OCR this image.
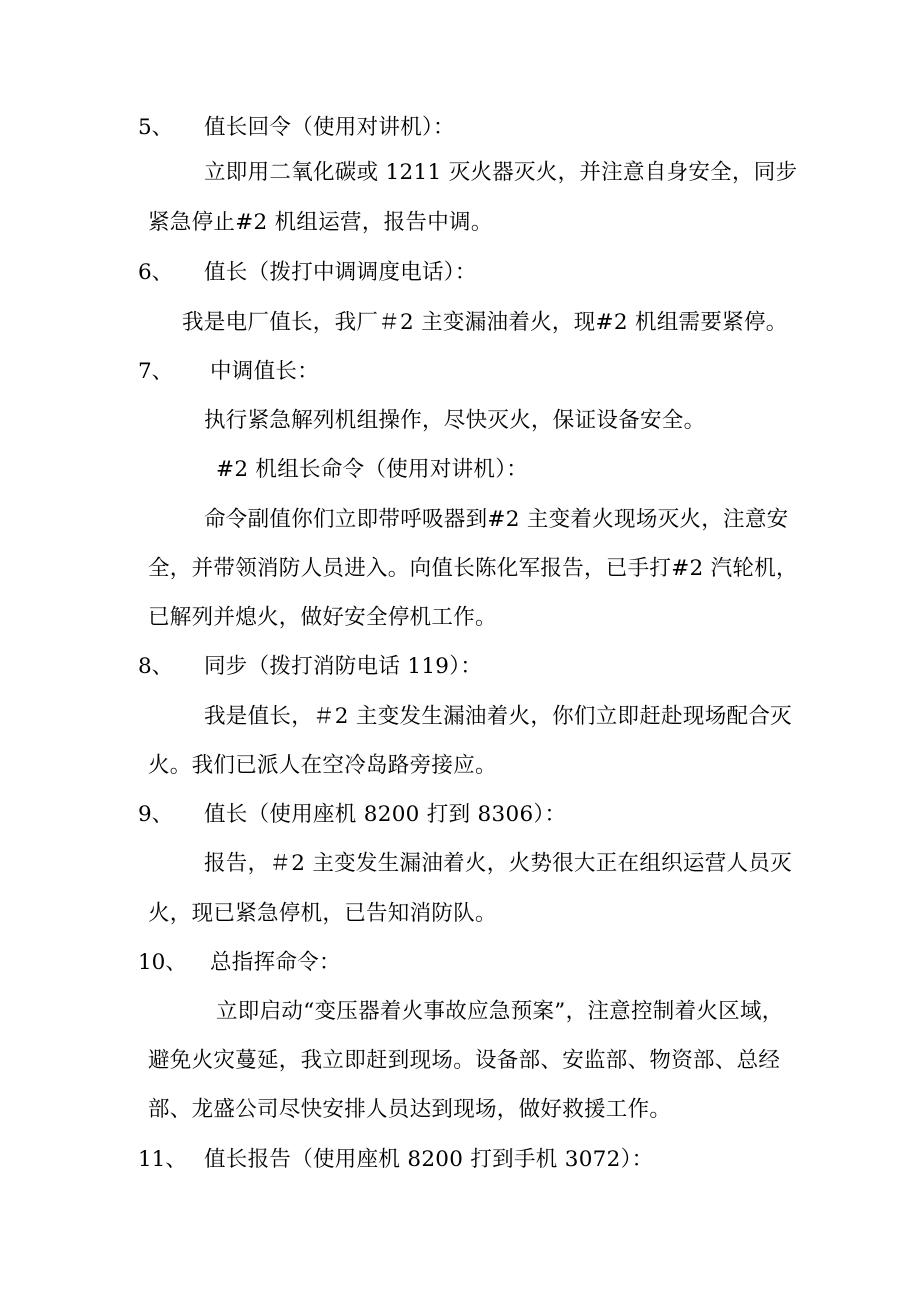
5、 值长回令（使用对讲机）：
立即用二氧化碳或 1211 灭火器灭火，并注意自身安全，同步
紧急停止#2 机组运营，报告中调。
6、 值长（拨打中调调度电话）：
我是电厂值长，我厂＃2 主变漏油着火，现#2 机组需要紧停。
7、 中调值长：
执行紧急解列机组操作，尽快灭火，保证设备安全。
#2 机组长命令（使用对讲机）：
命令副值你们立即带呼吸器到#2 主变着火现场灭火，注意安
全，并带领消防人员进入。向值长陈化军报告，已手打#2 汽轮机，
已解列并熄火，做好安全停机工作。
8、 同步（拨打消防电话 119）：
我是值长，＃2 主变发生漏油着火，你们立即赶赴现场配合灭
火。我们已派人在空冷岛路旁接应。
9、 值长（使用座机 8200 打到 8306）：
报告，＃2 主变发生漏油着火，火势很大正在组织运营人员灭
火，现已紧急停机，已告知消防队。
10、 总指挥命令：
立即启动“变压器着火事故应急预案”，注意控制着火区域，
避免火灾蔓延，我立即赶到现场。设备部、安监部、物资部、总经
部、龙盛公司尽快安排人员达到现场，做好救援工作。
11、 值长报告（使用座机 8200 打到手机 3072）：
